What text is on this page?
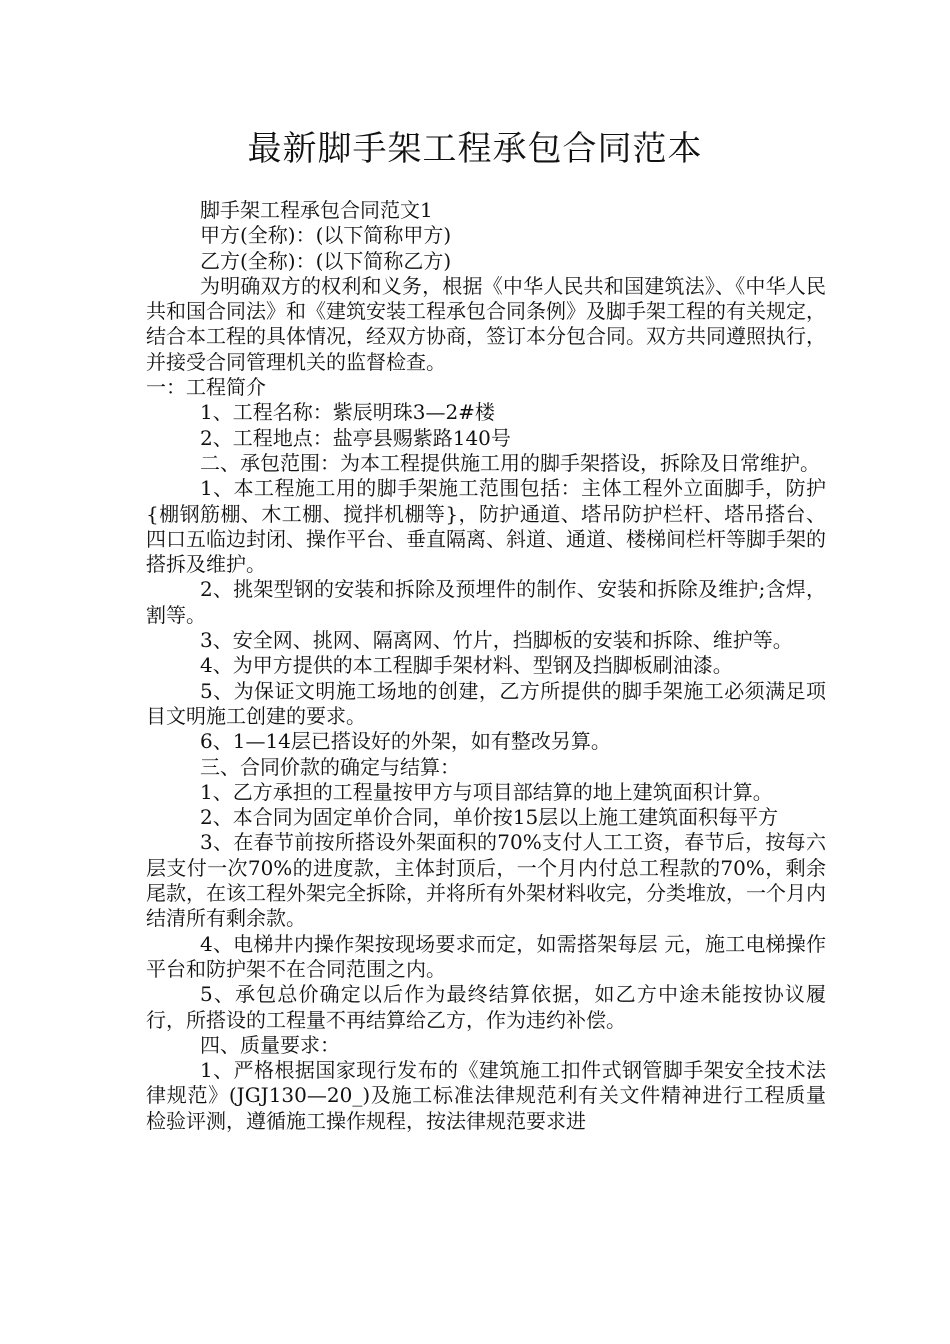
最新脚手架工程承包合同范本

脚手架工程承包合同范文1

甲方(全称)：(以下简称甲方)

乙方(全称)：(以下简称乙方)

为明确双方的权利和义务，根据《中华人民共和国建筑法》、《中华人民共和国合同法》和《建筑安装工程承包合同条例》及脚手架工程的有关规定，结合本工程的具体情况，经双方协商，签订本分包合同。双方共同遵照执行，并接受合同管理机关的监督检查。

一：工程简介

1、工程名称：紫辰明珠3—2#楼

2、工程地点：盐亭县赐紫路140号

二、承包范围：为本工程提供施工用的脚手架搭设，拆除及日常维护。

1、本工程施工用的脚手架施工范围包括：主体工程外立面脚手，防护{棚钢筋棚、木工棚、搅拌机棚等}，防护通道、塔吊防护栏杆、塔吊搭台、四口五临边封闭、操作平台、垂直隔离、斜道、通道、楼梯间栏杆等脚手架的搭拆及维护。

2、挑架型钢的安装和拆除及预埋件的制作、安装和拆除及维护;含焊，割等。

3、安全网、挑网、隔离网、竹片，挡脚板的安装和拆除、维护等。

4、为甲方提供的本工程脚手架材料、型钢及挡脚板刷油漆。

5、为保证文明施工场地的创建，乙方所提供的脚手架施工必须满足项目文明施工创建的要求。

6、1—14层已搭设好的外架，如有整改另算。

三、合同价款的确定与结算：

1、乙方承担的工程量按甲方与项目部结算的地上建筑面积计算。

2、本合同为固定单价合同，单价按15层以上施工建筑面积每平方

3、在春节前按所搭设外架面积的70%支付人工工资，春节后，按每六层支付一次70%的进度款，主体封顶后，一个月内付总工程款的70%，剩余尾款，在该工程外架完全拆除，并将所有外架材料收完，分类堆放，一个月内结清所有剩余款。

4、电梯井内操作架按现场要求而定，如需搭架每层 元，施工电梯操作平台和防护架不在合同范围之内。

5、承包总价确定以后作为最终结算依据，如乙方中途未能按协议履行，所搭设的工程量不再结算给乙方，作为违约补偿。

四、质量要求：

1、严格根据国家现行发布的《建筑施工扣件式钢管脚手架安全技术法律规范》(JGJ130—20_)及施工标准法律规范利有关文件精神进行工程质量检验评测，遵循施工操作规程，按法律规范要求进
